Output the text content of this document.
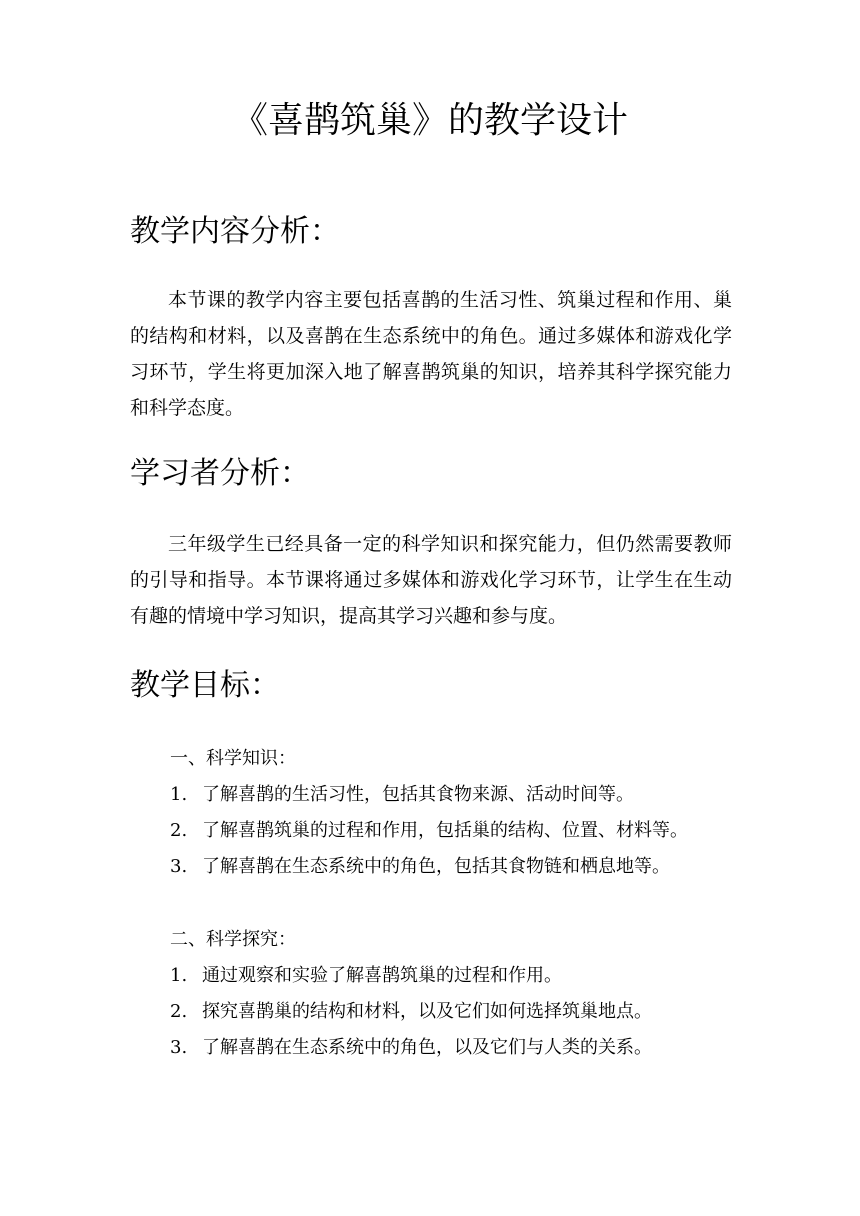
《喜鹊筑巢》的教学设计
教学内容分析：

本节课的教学内容主要包括喜鹊的生活习性、筑巢过程和作用、巢的结构和材料，以及喜鹊在生态系统中的角色。通过多媒体和游戏化学习环节，学生将更加深入地了解喜鹊筑巢的知识，培养其科学探究能力和科学态度。

学习者分析：

三年级学生已经具备一定的科学知识和探究能力，但仍然需要教师的引导和指导。本节课将通过多媒体和游戏化学习环节，让学生在生动有趣的情境中学习知识，提高其学习兴趣和参与度。

教学目标：

一、科学知识：

1. 了解喜鹊的生活习性，包括其食物来源、活动时间等。
2. 了解喜鹊筑巢的过程和作用，包括巢的结构、位置、材料等。
3. 了解喜鹊在生态系统中的角色，包括其食物链和栖息地等。

二、科学探究：

1. 通过观察和实验了解喜鹊筑巢的过程和作用。
2. 探究喜鹊巢的结构和材料，以及它们如何选择筑巢地点。
3. 了解喜鹊在生态系统中的角色，以及它们与人类的关系。
